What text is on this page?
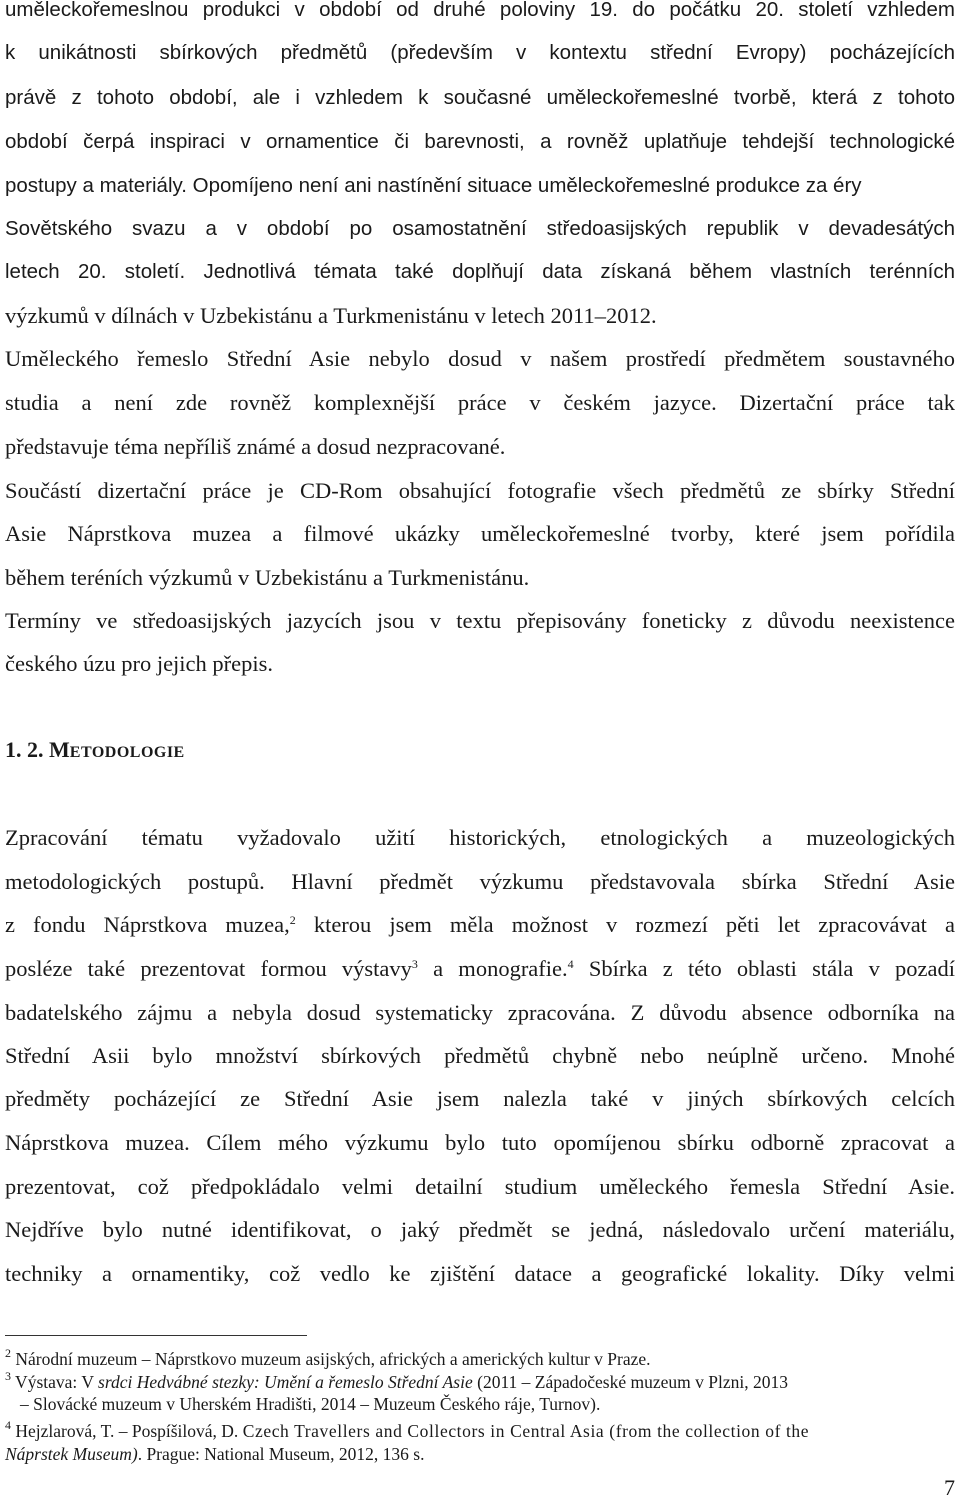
uměleckořemeslnou produkci v období od druhé poloviny 19. do počátku 20. století vzhledem
k unikátnosti sbírkových předmětů (především v kontextu střední Evropy) pocházejících
právě z tohoto období, ale i vzhledem k současné uměleckořemeslné tvorbě, která z tohoto
období čerpá inspiraci v ornamentice či barevnosti, a rovněž uplatňuje tehdejší technologické
postupy a materiály. Opomíjeno není ani nastínění situace uměleckořemeslné produkce za éry
Sovětského svazu a v období po osamostatnění středoasijských republik v devadesátých
letech 20. století. Jednotlivá témata také doplňují data získaná během vlastních terénních
výzkumů v dílnách v Uzbekistánu a Turkmenistánu v letech 2011–2012.
Uměleckého řemeslo Střední Asie nebylo dosud v našem prostředí předmětem soustavného
studia a není zde rovněž komplexnější práce v českém jazyce. Dizertační práce tak
představuje téma nepříliš známé a dosud nezpracované.
Součástí dizertační práce je CD-Rom obsahující fotografie všech předmětů ze sbírky Střední
Asie Náprstkova muzea a filmové ukázky uměleckořemeslné tvorby, které jsem pořídila
během teréních výzkumů v Uzbekistánu a Turkmenistánu.
Termíny ve středoasijských jazycích jsou v textu přepisovány foneticky z důvodu neexistence
českého úzu pro jejich přepis.
1. 2. METODOLOGIE
Zpracování tématu vyžadovalo užití historických, etnologických a muzeologických
metodologických postupů. Hlavní předmět výzkumu představovala sbírka Střední Asie
z fondu Náprstkova muzea,$^2$ kterou jsem měla možnost v rozmezí pěti let zpracovávat a
posléze také prezentovat formou výstavy$^3$ a monografie.$^4$ Sbírka z této oblasti stála v pozadí
badatelského zájmu a nebyla dosud systematicky zpracována. Z důvodu absence odborníka na
Střední Asii bylo množství sbírkových předmětů chybně nebo neúplně určeno. Mnohé
předměty pocházející ze Střední Asie jsem nalezla také v jiných sbírkových celcích
Náprstkova muzea. Cílem mého výzkumu bylo tuto opomíjenou sbírku odborně zpracovat a
prezentovat, což předpokládalo velmi detailní studium uměleckého řemesla Střední Asie.
Nejdříve bylo nutné identifikovat, o jaký předmět se jedná, následovalo určení materiálu,
techniky a ornamentiky, což vedlo ke zjištění datace a geografické lokality. Díky velmi
$^2$ Národní muzeum – Náprstkovo muzeum asijských, afrických a amerických kultur v Praze.
$^3$ Výstava: V srdci Hedvábné stezky: Umění a řemeslo Střední Asie (2011 – Západočeské muzeum v Plzni, 2013
– Slovácké muzeum v Uherském Hradišti, 2014 – Muzeum Českého ráje, Turnov).
$^4$ Hejzlarová, T. – Pospíšilová, D. Czech Travellers and Collectors in Central Asia (from the collection of the
Náprstek Museum). Prague: National Museum, 2012, 136 s.
7
